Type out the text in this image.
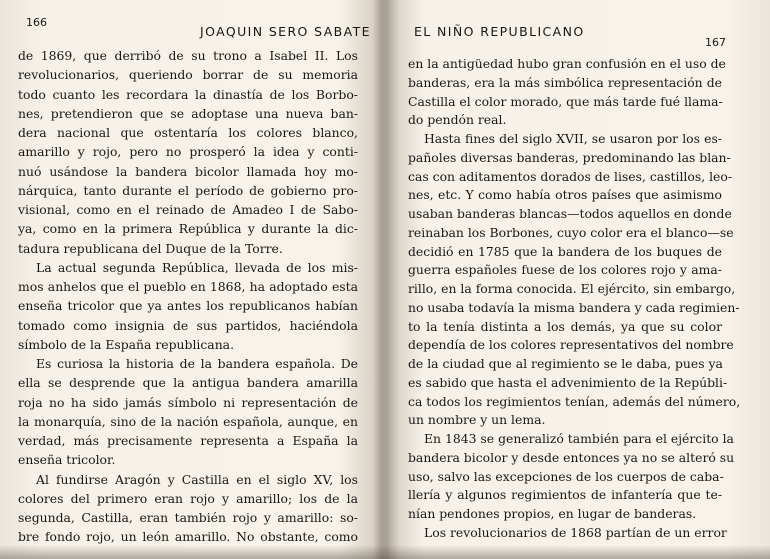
166
JOAQUIN SERO SABATE	EL NIÑO REPUBLICANO
167
de 1869, que derribó de su trono a Isabel II. Los
revolucionarios, queriendo borrar de su memoria
todo cuanto les recordara la dinastía de los Borbo-
nes, pretendieron que se adoptase una nueva ban-
dera nacional que ostentaría los colores blanco,
amarillo y rojo, pero no prosperó la idea y conti-
nuó usándose la bandera bicolor llamada hoy mo-
nárquica, tanto durante el período de gobierno pro-
visional, como en el reinado de Amadeo I de Sabo-
ya, como en la primera República y durante la dic-
tadura republicana del Duque de la Torre.
La actual segunda República, llevada de los mis-
mos anhelos que el pueblo en 1868, ha adoptado esta
enseña tricolor que ya antes los republicanos habían
tomado como insignia de sus partidos, haciéndola
símbolo de la España republicana.
Es curiosa la historia de la bandera española. De
ella se desprende que la antigua bandera amarilla
roja no ha sido jamás símbolo ni representación de
la monarquía, sino de la nación española, aunque, en
verdad, más precisamente representa a España la
enseña tricolor.
Al fundirse Aragón y Castilla en el siglo XV, los
colores del primero eran rojo y amarillo; los de la
segunda, Castilla, eran también rojo y amarillo: so-
bre fondo rojo, un león amarillo. No obstante, como
en la antigüedad hubo gran confusión en el uso de
banderas, era la más simbólica representación de
Castilla el color morado, que más tarde fué llama-
do pendón real.
Hasta fines del siglo XVII, se usaron por los es-
pañoles diversas banderas, predominando las blan-
cas con aditamentos dorados de lises, castillos, leo-
nes, etc. Y como había otros países que asimismo
usaban banderas blancas—todos aquellos en donde
reinaban los Borbones, cuyo color era el blanco—se
decidió en 1785 que la bandera de los buques de
guerra españoles fuese de los colores rojo y ama-
rillo, en la forma conocida. El ejército, sin embargo,
no usaba todavía la misma bandera y cada regimien-
to la tenía distinta a los demás, ya que su color
dependía de los colores representativos del nombre
de la ciudad que al regimiento se le daba, pues ya
es sabido que hasta el advenimiento de la Repúbli-
ca todos los regimientos tenían, además del número,
un nombre y un lema.
En 1843 se generalizó también para el ejército la
bandera bicolor y desde entonces ya no se alteró su
uso, salvo las excepciones de los cuerpos de caba-
llería y algunos regimientos de infantería que te-
nían pendones propios, en lugar de banderas.
Los revolucionarios de 1868 partían de un error
